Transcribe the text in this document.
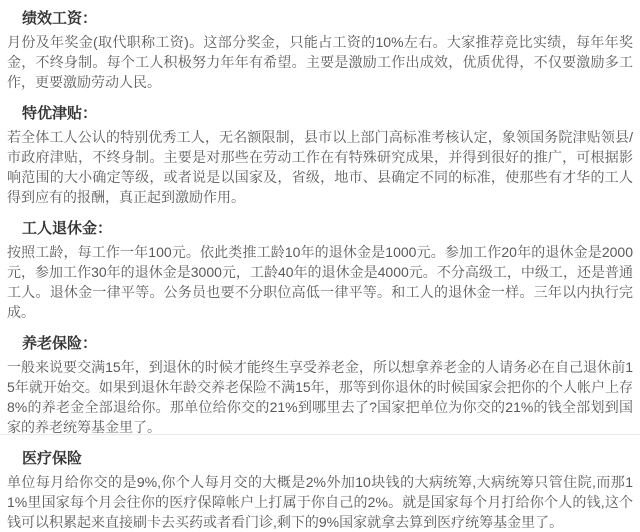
绩效工资：

月份及年奖金(取代职称工资)。这部分奖金，只能占工资的10%左右。大家推荐竞比实绩，每年年奖金，不终身制。每个工人积极努力年年有希望。主要是激励工作出成效，优质优得，不仅要激励多工作，更要激励劳动人民。

特优津贴：

若全体工人公认的特别优秀工人，无名额限制，县市以上部门高标准考核认定，象领国务院津贴领县/市政府津贴，不终身制。主要是对那些在劳动工作在有特殊研究成果，并得到很好的推广，可根据影响范围的大小确定等级，或者说是以国家及，省级，地市、县确定不同的标准，使那些有才华的工人得到应有的报酬，真正起到激励作用。

工人退休金：

按照工龄，每工作一年100元。依此类推工龄10年的退休金是1000元。参加工作20年的退休金是2000元，参加工作30年的退休金是3000元，工龄40年的退休金是4000元。不分高级工，中级工，还是普通工人。退休金一律平等。公务员也要不分职位高低一律平等。和工人的退休金一样。三年以内执行完成。

养老保险：

一般来说要交满15年，到退休的时候才能终生享受养老金，所以想拿养老金的人请务必在自己退休前15年就开始交。如果到退休年龄交养老保险不满15年，那等到你退休的时候国家会把你的个人帐户上存8%的养老金全部退给你。那单位给你交的21%到哪里去了?国家把单位为你交的21%的钱全部划到国家的养老统筹基金里了。

医疗保险

单位每月给你交的是9%,你个人每月交的大概是2%外加10块钱的大病统筹,大病统筹只管住院,而那11%里国家每个月会往你的医疗保障帐户上打属于你自己的2%。就是国家每个月打给你个人的钱,这个钱可以积累起来直接刷卡去买药或者看门诊,剩下的9%国家就拿去算到医疗统筹基金里了。
